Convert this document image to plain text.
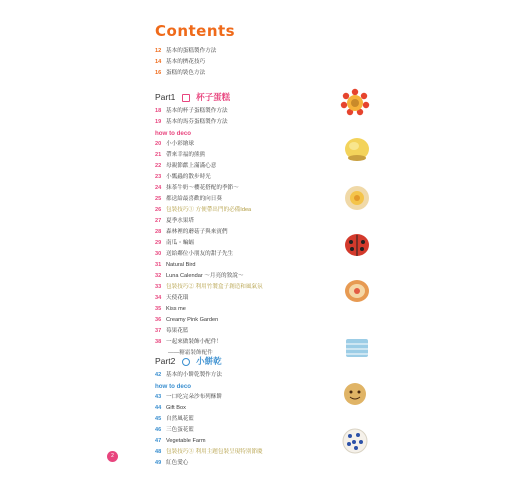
Contents
12 基本的蛋糕製作方法
14 基本的擠花技巧
16 蛋糕的裝色方法
Part1 杯子蛋糕
18 基本的杯子蛋糕製作方法
19 基本的馬芬蛋糕製作方法
how to deco
20 小小彩繪球
21 帶來幸福的熊熊
22 母親節獻上滿滿心意
23 小瓢蟲的散步時光
24 抹茶牛奶～櫻花搭配的季節～
25 都送給最喜歡的向日葵
26 包裝技巧① 方便帶出門的必備Idea
27 夏季水果塔
28 森林裡的蘑菇子與來賓們
29 南瓜・蝙蝠
30 送給鄰位小朋友的甜子先生
31 Natural Bird
32 Luna Calendar ～月亮的敘說～
33 包裝技巧② 利用竹製盒子創造和風氣氛
34 天使花環
35 Kiss me
36 Creamy Pink Garden
37 莓果花籃
38 一起來做裝飾小配件！
——糖霜裝飾配件
Part2 小餅乾
42 基本的小餅乾製作方法
how to deco
43 一口吃完朵沙布列酥餅
44 Gift Box
45 自然風花籃
46 三色蛋花籃
47 Vegetable Farm
48 包裝技巧③ 利用主題包裝呈現特別節慶
49 紅色愛心
2
